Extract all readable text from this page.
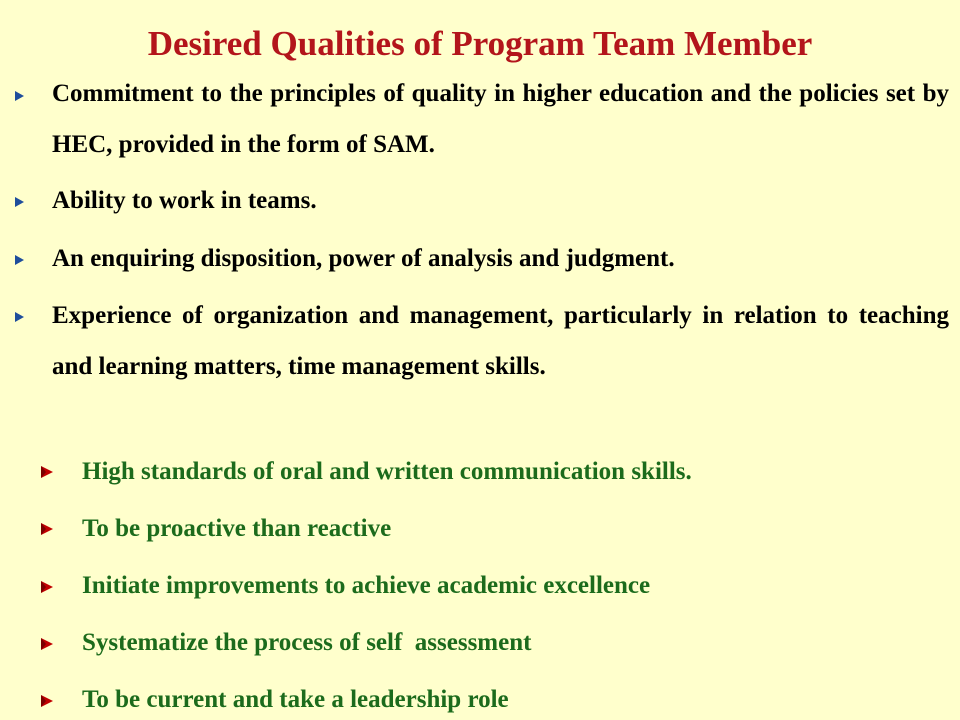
Desired Qualities of Program Team Member
Commitment to the principles of quality in higher education and the policies set by HEC, provided in the form of SAM.
Ability to work in teams.
An enquiring disposition, power of analysis and judgment.
Experience of organization and management, particularly in relation to teaching and learning matters, time management skills.
High standards of oral and written communication skills.
To be proactive than reactive
Initiate improvements to achieve academic excellence
Systematize the process of self  assessment
To be current and take a leadership role
